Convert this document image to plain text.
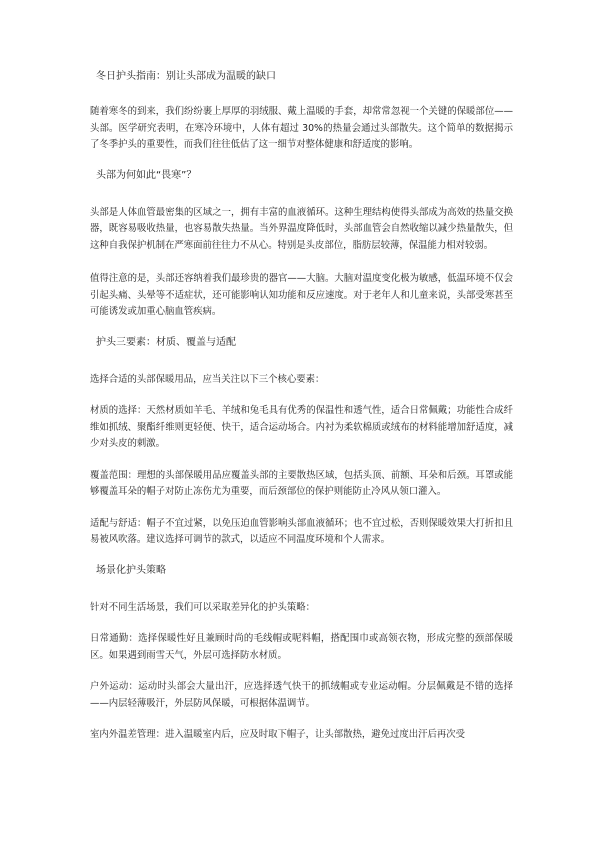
冬日护头指南：别让头部成为温暖的缺口

随着寒冬的到来，我们纷纷裹上厚厚的羽绒服、戴上温暖的手套，却常常忽视一个关键的保暖部位——头部。医学研究表明，在寒冷环境中，人体有超过 30%的热量会通过头部散失。这个简单的数据揭示了冬季护头的重要性，而我们往往低估了这一细节对整体健康和舒适度的影响。

头部为何如此“畏寒”？

头部是人体血管最密集的区域之一，拥有丰富的血液循环。这种生理结构使得头部成为高效的热量交换器，既容易吸收热量，也容易散失热量。当外界温度降低时，头部血管会自然收缩以减少热量散失，但这种自我保护机制在严寒面前往往力不从心。特别是头皮部位，脂肪层较薄，保温能力相对较弱。

值得注意的是，头部还容纳着我们最珍贵的器官——大脑。大脑对温度变化极为敏感，低温环境不仅会引起头痛、头晕等不适症状，还可能影响认知功能和反应速度。对于老年人和儿童来说，头部受寒甚至可能诱发或加重心脑血管疾病。

护头三要素：材质、覆盖与适配

选择合适的头部保暖用品，应当关注以下三个核心要素：

材质的选择：天然材质如羊毛、羊绒和兔毛具有优秀的保温性和透气性，适合日常佩戴；功能性合成纤维如抓绒、聚酯纤维则更轻便、快干，适合运动场合。内衬为柔软棉质或绒布的材料能增加舒适度，减少对头皮的刺激。

覆盖范围：理想的头部保暖用品应覆盖头部的主要散热区域，包括头顶、前额、耳朵和后颈。耳罩或能够覆盖耳朵的帽子对防止冻伤尤为重要，而后颈部位的保护则能防止冷风从领口灌入。

适配与舒适：帽子不宜过紧，以免压迫血管影响头部血液循环；也不宜过松，否则保暖效果大打折扣且易被风吹落。建议选择可调节的款式，以适应不同温度环境和个人需求。

场景化护头策略

针对不同生活场景，我们可以采取差异化的护头策略：

日常通勤：选择保暖性好且兼顾时尚的毛线帽或呢料帽，搭配围巾或高领衣物，形成完整的颈部保暖区。如果遇到雨雪天气，外层可选择防水材质。

户外运动：运动时头部会大量出汗，应选择透气快干的抓绒帽或专业运动帽。分层佩戴是不错的选择——内层轻薄吸汗，外层防风保暖，可根据体温调节。

室内外温差管理：进入温暖室内后，应及时取下帽子，让头部散热，避免过度出汗后再次受
